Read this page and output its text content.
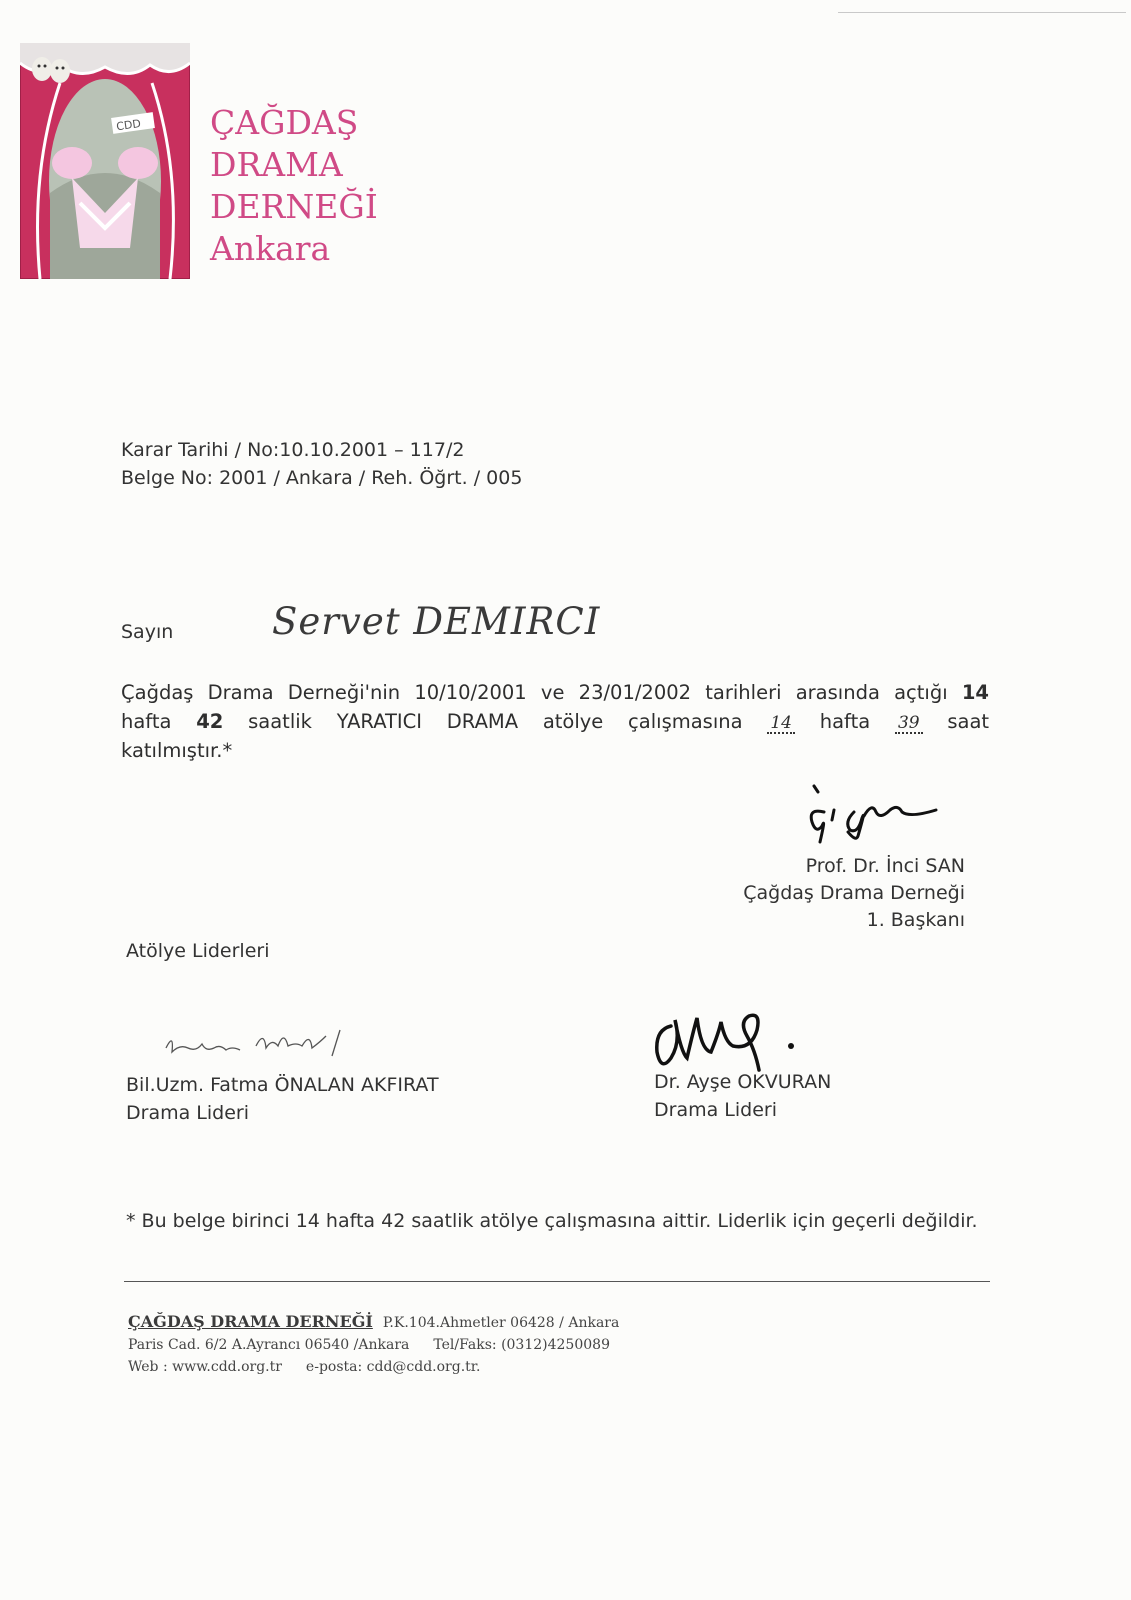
CDD ÇAĞDAŞ
DRAMA
DERNEĞİ
Ankara
Karar Tarihi / No:10.10.2001 – 117/2
Belge No: 2001 / Ankara / Reh. Öğrt. / 005
Sayın	Servet DEMIRCI
Çağdaş Drama Derneği'nin 10/10/2001 ve 23/01/2002 tarihleri arasında açtığı 14
hafta 42 saatlik YARATICI DRAMA atölye çalışmasına 14 hafta 39 saat
katılmıştır.*
Prof. Dr. İnci SAN
Çağdaş Drama Derneği
1. Başkanı
Atölye Liderleri
Bil.Uzm. Fatma ÖNALAN AKFIRAT
Drama Lideri
Dr. Ayşe OKVURAN
Drama Lideri
* Bu belge birinci 14 hafta 42 saatlik atölye çalışmasına aittir. Liderlik için geçerli değildir.
ÇAĞDAŞ DRAMA DERNEĞİ P.K.104.Ahmetler 06428 / Ankara
Paris Cad. 6/2 A.Ayrancı 06540 /Ankara Tel/Faks: (0312)4250089
Web : www.cdd.org.tr e-posta: cdd@cdd.org.tr.
